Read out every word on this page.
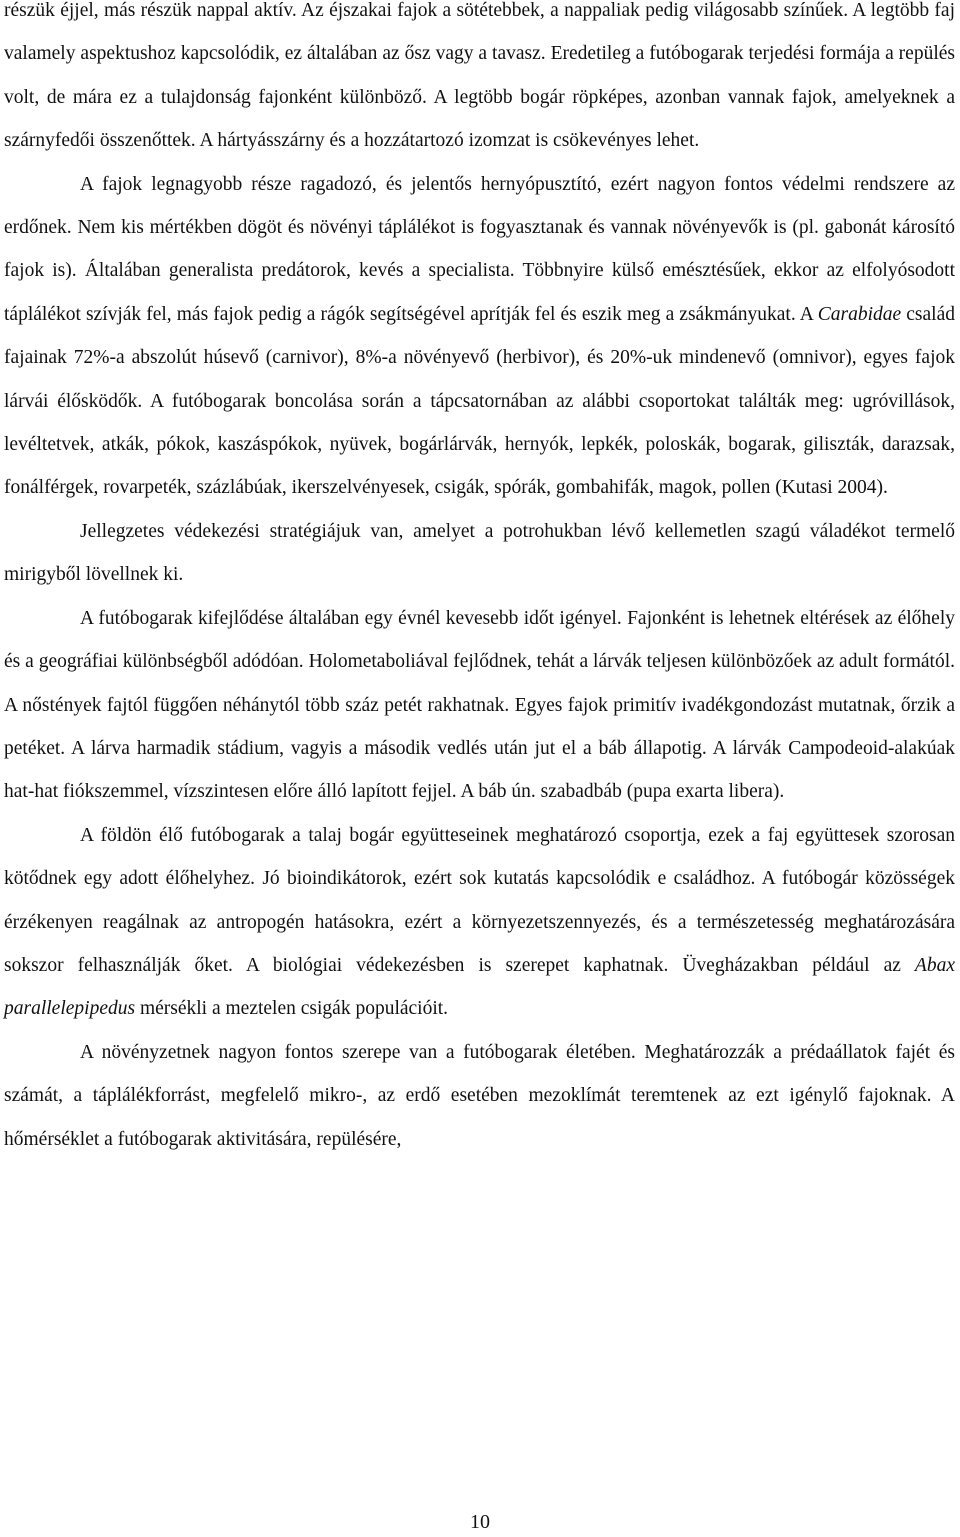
részük éjjel, más részük nappal aktív. Az éjszakai fajok a sötétebbek, a nappaliak pedig világosabb színűek. A legtöbb faj valamely aspektushoz kapcsolódik, ez általában az ősz vagy a tavasz. Eredetileg a futóbogarak terjedési formája a repülés volt, de mára ez a tulajdonság fajonként különböző. A legtöbb bogár röpképes, azonban vannak fajok, amelyeknek a szárnyfedői összenőttek. A hártyásszárny és a hozzátartozó izomzat is csökevényes lehet.

A fajok legnagyobb része ragadozó, és jelentős hernyópusztító, ezért nagyon fontos védelmi rendszere az erdőnek. Nem kis mértékben dögöt és növényi táplálékot is fogyasztanak és vannak növényevők is (pl. gabonát károsító fajok is). Általában generalista predátorok, kevés a specialista. Többnyire külső emésztésűek, ekkor az elfolyósodott táplálékot szívják fel, más fajok pedig a rágók segítségével aprítják fel és eszik meg a zsákmányukat. A Carabidae család fajainak 72%-a abszolút húsevő (carnivor), 8%-a növényevő (herbivor), és 20%-uk mindenevő (omnivor), egyes fajok lárvái élősködők. A futóbogarak boncolása során a tápcsatornában az alábbi csoportokat találták meg: ugróvillások, levéltetvek, atkák, pókok, kaszáspókok, nyüvek, bogárlárvák, hernyók, lepkék, poloskák, bogarak, giliszták, darazsak, fonálférgek, rovarpeték, százlábúak, ikerszelvényesek, csigák, spórák, gombahifák, magok, pollen (Kutasi 2004).

Jellegzetes védekezési stratégiájuk van, amelyet a potrohukban lévő kellemetlen szagú váladékot termelő mirigyből lövellnek ki.

A futóbogarak kifejlődése általában egy évnél kevesebb időt igényel. Fajonként is lehetnek eltérések az élőhely és a geográfiai különbségből adódóan. Holometaboliával fejlődnek, tehát a lárvák teljesen különbözőek az adult formától. A nőstények fajtól függően néhánytól több száz petét rakhatnak. Egyes fajok primitív ivadékgondozást mutatnak, őrzik a petéket. A lárva harmadik stádium, vagyis a második vedlés után jut el a báb állapotig. A lárvák Campodeoid-alakúak hat-hat fiókszemmel, vízszintesen előre álló lapított fejjel. A báb ún. szabadbáb (pupa exarta libera).

A földön élő futóbogarak a talaj bogár együtteseinek meghatározó csoportja, ezek a faj együttesek szorosan kötődnek egy adott élőhelyhez. Jó bioindikátorok, ezért sok kutatás kapcsolódik e családhoz. A futóbogár közösségek érzékenyen reagálnak az antropogén hatásokra, ezért a környezetszennyezés, és a természetesség meghatározására sokszor felhasználják őket. A biológiai védekezésben is szerepet kaphatnak. Üvegházakban például az Abax parallelepipedus mérsékli a meztelen csigák populációit.

A növényzetnek nagyon fontos szerepe van a futóbogarak életében. Meghatározzák a prédaállatok fajét és számát, a táplálékforrást, megfelelő mikro-, az erdő esetében mezoklímát teremtenek az ezt igénylő fajoknak. A hőmérséklet a futóbogarak aktivitására, repülésére,

10
